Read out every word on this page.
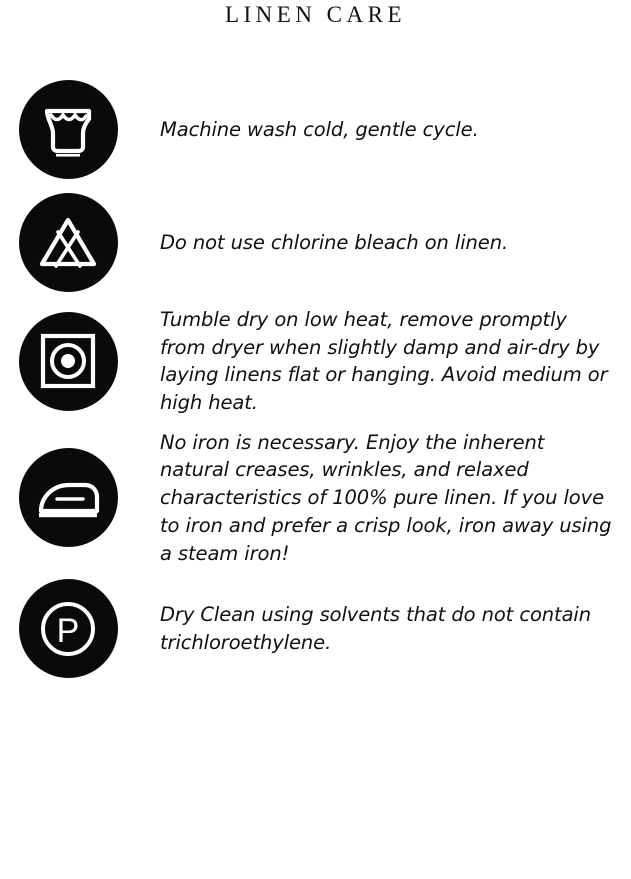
LINEN CARE

Machine wash cold, gentle cycle.

Do not use chlorine bleach on linen.

Tumble dry on low heat, remove promptly from dryer when slightly damp and air-dry by laying linens flat or hanging. Avoid medium or high heat.

No iron is necessary. Enjoy the inherent natural creases, wrinkles, and relaxed characteristics of 100% pure linen. If you love to iron and prefer a crisp look, iron away using a steam iron!

P	Dry Clean using solvents that do not contain trichloroethylene.
